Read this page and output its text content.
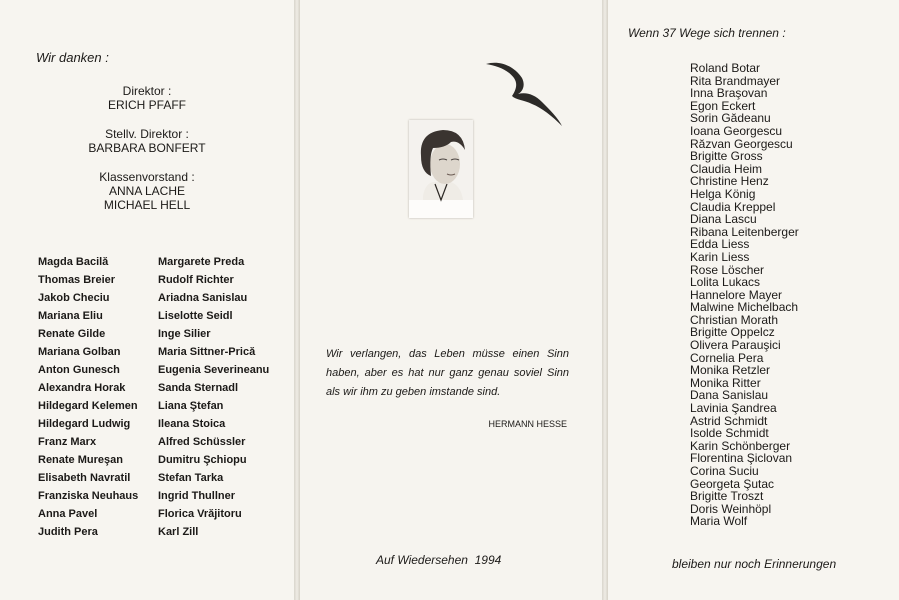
Wir danken :
Direktor :
ERICH PFAFF
Stellv. Direktor :
BARBARA BONFERT
Klassenvorstand :
ANNA LACHE
MICHAEL HELL
Magda Bacilă
Thomas Breier
Jakob Checiu
Mariana Eliu
Renate Gilde
Mariana Golban
Anton Gunesch
Alexandra Horak
Hildegard Kelemen
Hildegard Ludwig
Franz Marx
Renate Mureşan
Elisabeth Navratil
Franziska Neuhaus
Anna Pavel
Judith Pera
Margarete Preda
Rudolf Richter
Ariadna Sanislau
Liselotte Seidl
Inge Silier
Maria Sittner-Prică
Eugenia Severineanu
Sanda Sternadl
Liana Ştefan
Ileana Stoica
Alfred Schüssler
Dumitru Şchiopu
Stefan Tarka
Ingrid Thullner
Florica Vrăjitoru
Karl Zill
Wir verlangen, das Leben müsse einen Sinn haben, aber es hat nur ganz genau soviel Sinn als wir ihm zu geben imstande sind.
HERMANN HESSE
Auf Wiedersehen  1994
Wenn 37 Wege sich trennen :
Roland Botar
Rita Brandmayer
Inna Braşovan
Egon Eckert
Sorin Gădeanu
Ioana Georgescu
Răzvan Georgescu
Brigitte Gross
Claudia Heim
Christine Henz
Helga König
Claudia Kreppel
Diana Lascu
Ribana Leitenberger
Edda Liess
Karin Liess
Rose Löscher
Lolita Lukacs
Hannelore Mayer
Malwine Michelbach
Christian Morath
Brigitte Oppelcz
Olivera Parauşici
Cornelia Pera
Monika Retzler
Monika Ritter
Dana Sanislau
Lavinia Şandrea
Astrid Schmidt
Isolde Schmidt
Karin Schönberger
Florentina Şiclovan
Corina Suciu
Georgeta Şutac
Brigitte Troszt
Doris Weinhöpl
Maria Wolf
bleiben nur noch Erinnerungen
